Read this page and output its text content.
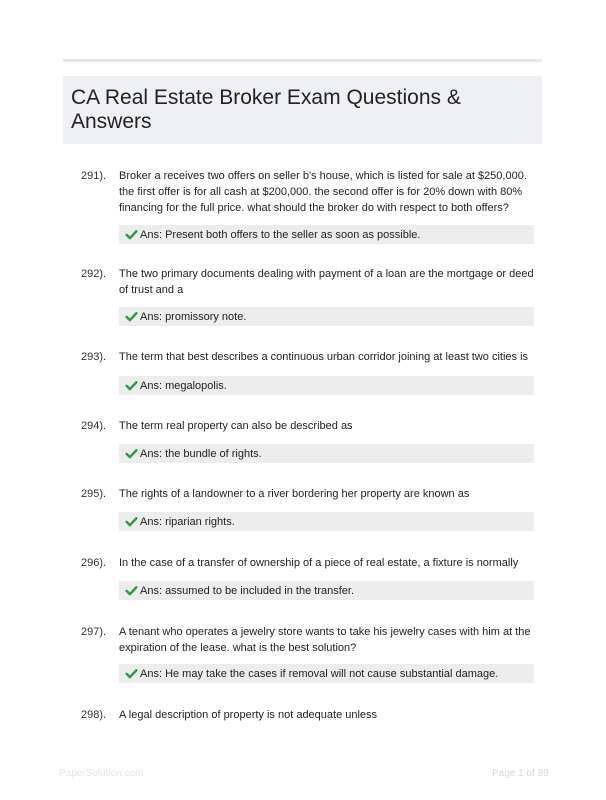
CA Real Estate Broker Exam Questions & Answers
291). Broker a receives two offers on seller b's house, which is listed for sale at $250,000. the first offer is for all cash at $200,000. the second offer is for 20% down with 80% financing for the full price. what should the broker do with respect to both offers?
Ans: Present both offers to the seller as soon as possible.
292). The two primary documents dealing with payment of a loan are the mortgage or deed of trust and a
Ans: promissory note.
293). The term that best describes a continuous urban corridor joining at least two cities is
Ans: megalopolis.
294). The term real property can also be described as
Ans: the bundle of rights.
295). The rights of a landowner to a river bordering her property are known as
Ans: riparian rights.
296). In the case of a transfer of ownership of a piece of real estate, a fixture is normally
Ans: assumed to be included in the transfer.
297). A tenant who operates a jewelry store wants to take his jewelry cases with him at the expiration of the lease. what is the best solution?
Ans: He may take the cases if removal will not cause substantial damage.
298). A legal description of property is not adequate unless
PaperSolution.com	Page 1 of 89
